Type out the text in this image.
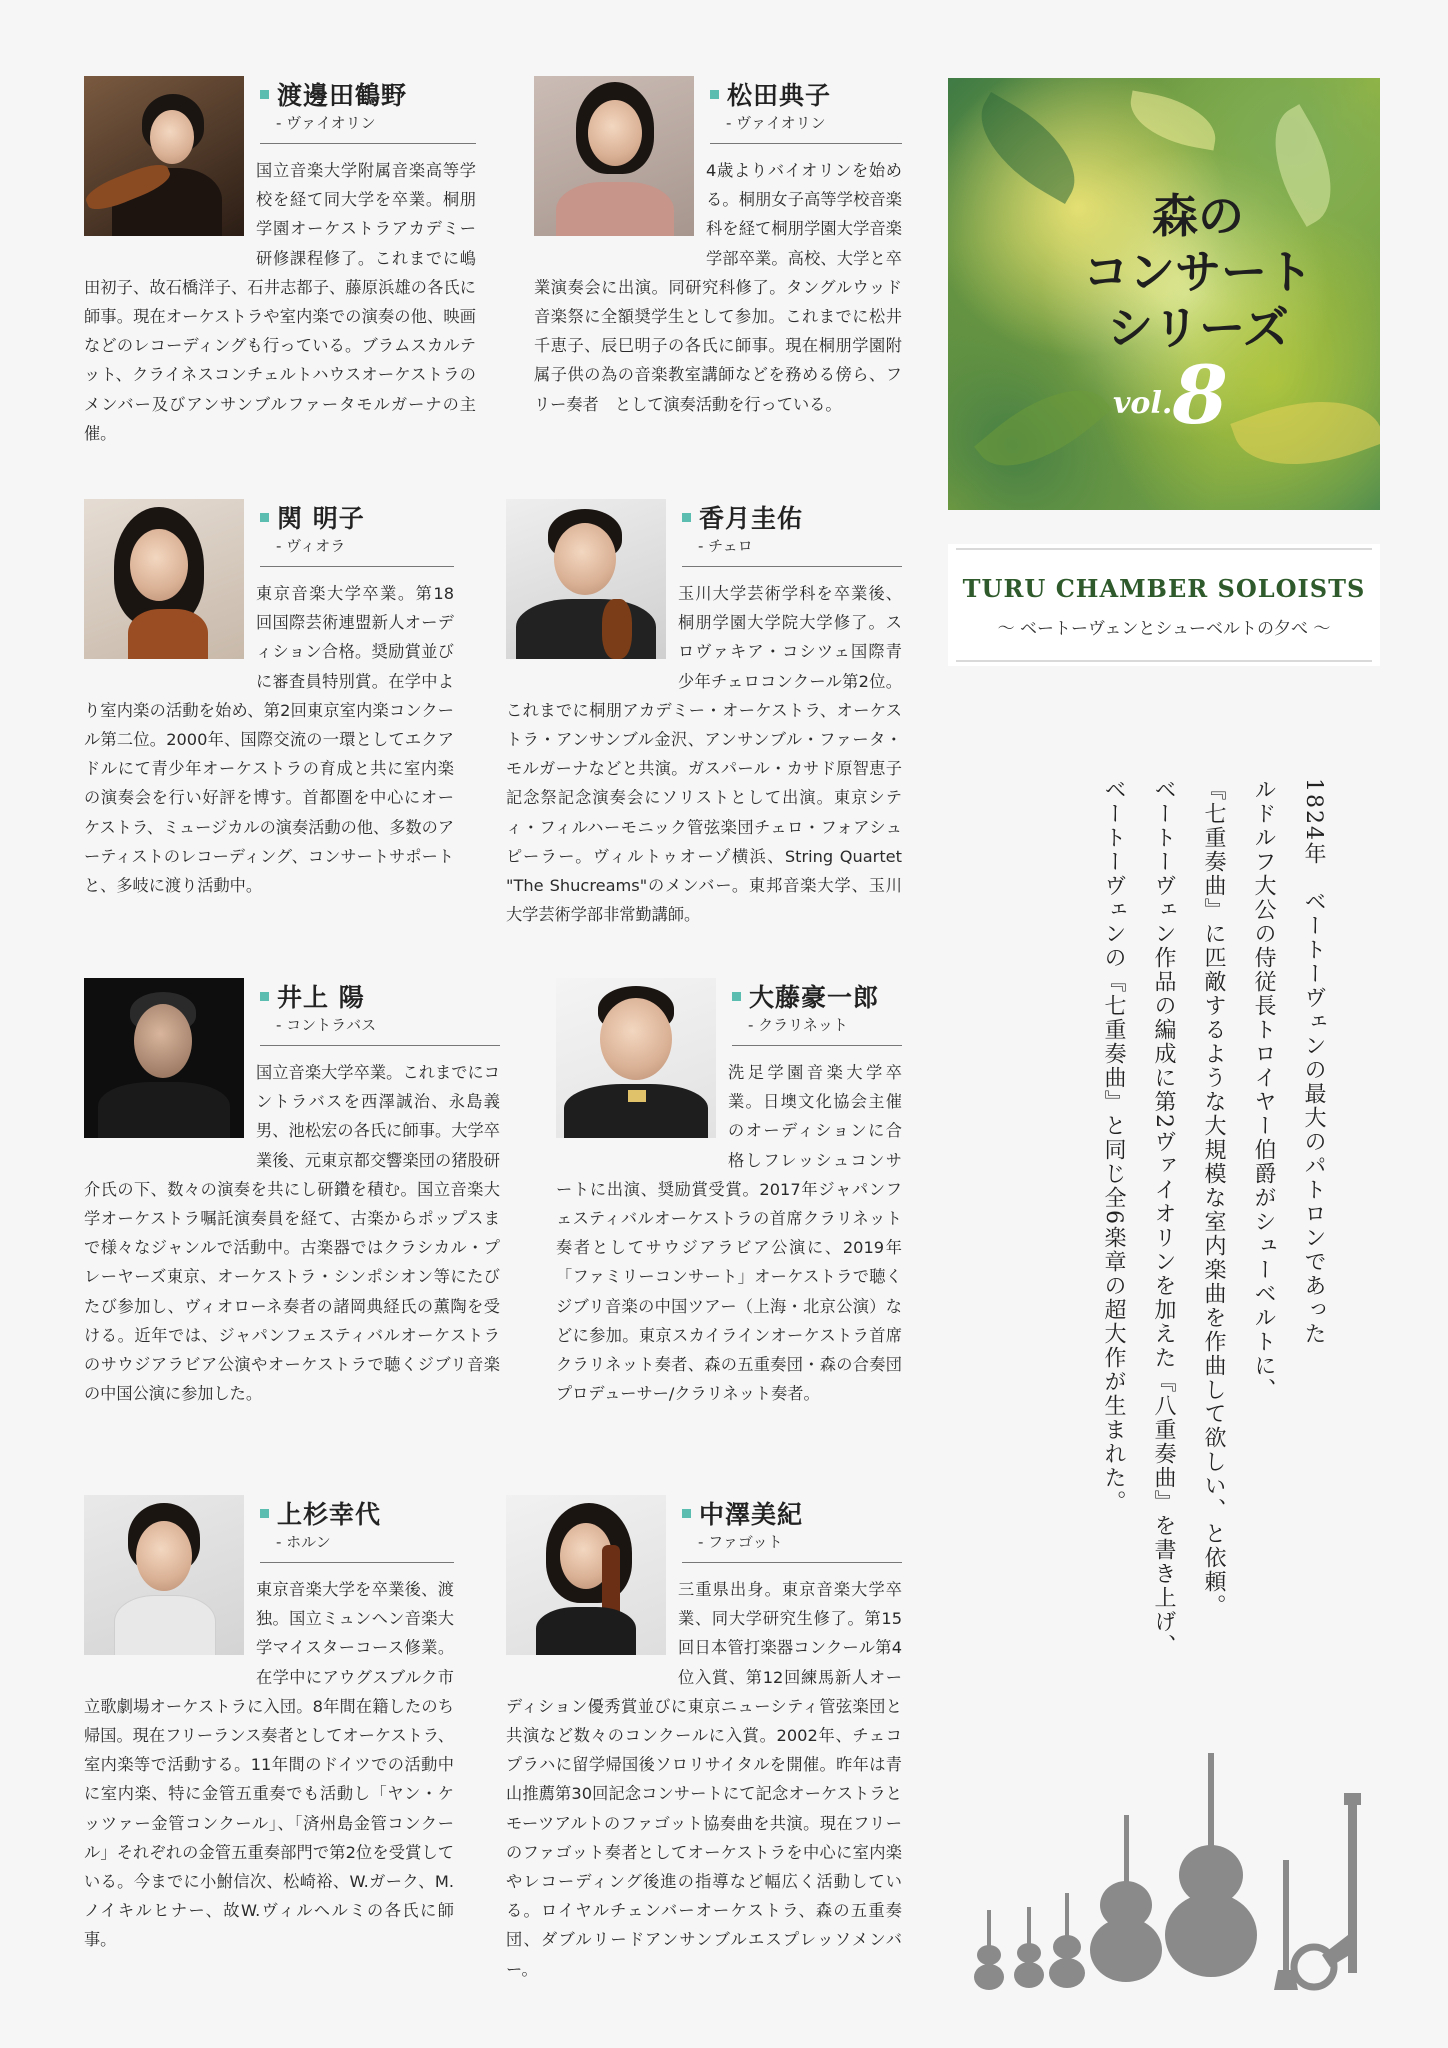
渡邊田鶴野
- ヴァイオリン

国立音楽大学附属音楽高等学校を経て同大学を卒業。桐朋学園オーケストラアカデミー研修課程修了。これまでに嶋田初子、故石橋洋子、石井志都子、藤原浜雄の各氏に師事。現在オーケストラや室内楽での演奏の他、映画などのレコーディングも行っている。ブラムスカルテット、クライネスコンチェルトハウスオーケストラのメンバー及びアンサンブルファータモルガーナの主催。

松田典子
- ヴァイオリン

4歳よりバイオリンを始める。桐朋女子高等学校音楽科を経て桐朋学園大学音楽学部卒業。高校、大学と卒業演奏会に出演。同研究科修了。タングルウッド音楽祭に全額奨学生として参加。これまでに松井千恵子、辰巳明子の各氏に師事。現在桐朋学園附属子供の為の音楽教室講師などを務める傍ら、フリー奏者　として演奏活動を行っている。

関 明子
- ヴィオラ

東京音楽大学卒業。第18回国際芸術連盟新人オーディション合格。奨励賞並びに審査員特別賞。在学中より室内楽の活動を始め、第2回東京室内楽コンクール第二位。2000年、国際交流の一環としてエクアドルにて青少年オーケストラの育成と共に室内楽の演奏会を行い好評を博す。首都圏を中心にオーケストラ、ミュージカルの演奏活動の他、多数のアーティストのレコーディング、コンサートサポートと、多岐に渡り活動中。

香月圭佑
- チェロ

玉川大学芸術学科を卒業後、桐朋学園大学院大学修了。スロヴァキア・コシツェ国際青少年チェロコンクール第2位。これまでに桐朋アカデミー・オーケストラ、オーケストラ・アンサンブル金沢、アンサンブル・ファータ・モルガーナなどと共演。ガスパール・カサド原智恵子記念祭記念演奏会にソリストとして出演。東京シティ・フィルハーモニック管弦楽団チェロ・フォアシュピーラー。ヴィルトゥオーゾ横浜、String Quartet "The Shucreams"のメンバー。東邦音楽大学、玉川大学芸術学部非常勤講師。

井上 陽
- コントラバス

国立音楽大学卒業。これまでにコントラバスを西澤誠治、永島義男、池松宏の各氏に師事。大学卒業後、元東京都交響楽団の猪股研介氏の下、数々の演奏を共にし研鑽を積む。国立音楽大学オーケストラ嘱託演奏員を経て、古楽からポップスまで様々なジャンルで活動中。古楽器ではクラシカル・プレーヤーズ東京、オーケストラ・シンポシオン等にたびたび参加し、ヴィオローネ奏者の諸岡典経氏の薫陶を受ける。近年では、ジャパンフェスティバルオーケストラのサウジアラビア公演やオーケストラで聴くジブリ音楽の中国公演に参加した。

大藤豪一郎
- クラリネット

洗足学園音楽大学卒業。日墺文化協会主催のオーディションに合格しフレッシュコンサートに出演、奨励賞受賞。2017年ジャパンフェスティバルオーケストラの首席クラリネット奏者としてサウジアラビア公演に、2019年「ファミリーコンサート」オーケストラで聴くジブリ音楽の中国ツアー（上海・北京公演）などに参加。東京スカイラインオーケストラ首席クラリネット奏者、森の五重奏団・森の合奏団プロデューサー/クラリネット奏者。

上杉幸代
- ホルン

東京音楽大学を卒業後、渡独。国立ミュンヘン音楽大学マイスターコース修業。在学中にアウグスブルク市立歌劇場オーケストラに入団。8年間在籍したのち帰国。現在フリーランス奏者としてオーケストラ、室内楽等で活動する。11年間のドイツでの活動中に室内楽、特に金管五重奏でも活動し「ヤン・ケッツァー金管コンクール」、「済州島金管コンクール」それぞれの金管五重奏部門で第2位を受賞している。今までに小鮒信次、松崎裕、W.ガーク、M.ノイキルヒナー、故W.ヴィルヘルミの各氏に師事。

中澤美紀
- ファゴット

三重県出身。東京音楽大学卒業、同大学研究生修了。第15回日本管打楽器コンクール第4位入賞、第12回練馬新人オーディション優秀賞並びに東京ニューシティ管弦楽団と共演など数々のコンクールに入賞。2002年、チェコプラハに留学帰国後ソロリサイタルを開催。昨年は青山推薦第30回記念コンサートにて記念オーケストラとモーツアルトのファゴット協奏曲を共演。現在フリーのファゴット奏者としてオーケストラを中心に室内楽やレコーディング後進の指導など幅広く活動している。ロイヤルチェンバーオーケストラ、森の五重奏団、ダブルリードアンサンブルエスプレッソメンバー。

森の
コンサート
シリーズ
vol.8
TURU CHAMBER SOLOISTS
～ ベートーヴェンとシューベルトの夕べ ～

1824年　ベートーヴェンの最大のパトロンであった

ルドルフ大公の侍従長トロイヤー伯爵がシューベルトに、

『七重奏曲』に匹敵するような大規模な室内楽曲を作曲して欲しい、と依頼。

ベートーヴェン作品の編成に第2ヴァイオリンを加えた『八重奏曲』を書き上げ、

ベートーヴェンの『七重奏曲』と同じ全6楽章の超大作が生まれた。
